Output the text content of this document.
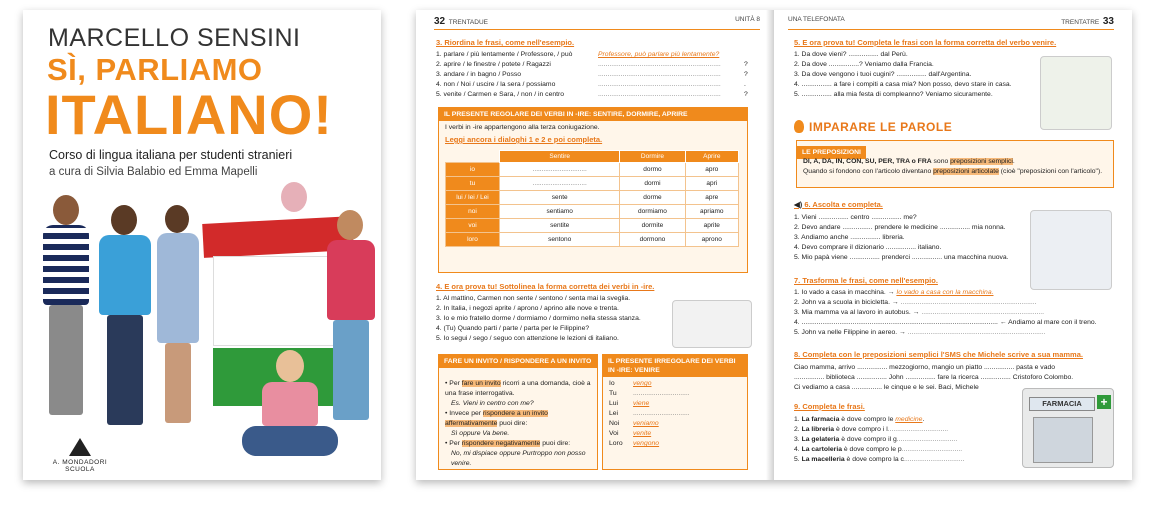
MARCELLO SENSINI
SÌ, PARLIAMO
ITALIANO!
Corso di lingua italiana per studenti stranieri
a cura di Silvia Balabio ed Emma Mapelli
A. MONDADORI SCUOLA
32 TRENTADUE	UNITÀ 8
3. Riordina le frasi, come nell'esempio.
1. parlare / più lentamente / Professore, / può	Professore, può parlare più lentamente?
2. aprire / le finestre / potete / Ragazzi	.................................................................	?
3. andare / in bagno / Posso	.................................................................	?
4. non / Noi / uscire / la sera / possiamo	.................................................................	.
5. venite / Carmen e Sara, / non / in centro	.................................................................	?
IL PRESENTE REGOLARE DEI VERBI IN -IRE: SENTIRE, DORMIRE, APRIRE
I verbi in -ire appartengono alla terza coniugazione.
Leggi ancora i dialoghi 1 e 2 e poi completa.
	Sentire	Dormire	Aprire
io	..............................	dormo	apro
tu	..............................	dormi	apri
lui / lei / Lei	sente	dorme	apre
noi	sentiamo	dormiamo	apriamo
voi	sentite	dormite	aprite
loro	sentono	dormono	aprono
4. E ora prova tu! Sottolinea la forma corretta dei verbi in -ire.
1. Al mattino, Carmen non sente / sentono / senta mai la sveglia.
2. In Italia, i negozi aprite / aprono / aprino alle nove e trenta.
3. Io e mio fratello dorme / dormiamo / dormimo nella stessa stanza.
4. (Tu) Quando parti / parte / parta per le Filippine?
5. Io segui / sego / seguo con attenzione le lezioni di italiano.
FARE UN INVITO / RISPONDERE A UN INVITO
• Per fare un invito ricorri a una domanda, cioè a una frase interrogativa.
Es. Vieni in centro con me?
• Invece per rispondere a un invito affermativamente puoi dire:
Sì oppure Va bene.
• Per rispondere negativamente puoi dire:
No, mi dispiace oppure Purtroppo non posso venire.
IL PRESENTE IRREGOLARE DEI VERBI IN -IRE: VENIRE
Io	vengo
Tu ..............................
Lui viene
Lei ..............................
Noi veniamo
Voi venite
Loro vengono
UNA TELEFONATA	TRENTATRE 33
5. E ora prova tu! Completa le frasi con la forma corretta del verbo venire.
1. Da dove vieni? ................ dal Perù.
2. Da dove ................? Veniamo dalla Francia.
3. Da dove vengono i tuoi cugini? ................ dall'Argentina.
4. ................ a fare i compiti a casa mia? Non posso, devo stare in casa.
5. ................ alla mia festa di compleanno? Veniamo sicuramente.
IMPARARE LE PAROLE
LE PREPOSIZIONI
DI, A, DA, IN, CON, SU, PER, TRA o FRA sono preposizioni semplici.
Quando si fondono con l'articolo diventano preposizioni articolate (cioè "preposizioni con l'articolo").
◀) 6. Ascolta e completa.
1. Vieni ................ centro ................ me?
2. Devo andare ................ prendere le medicine ................ mia nonna.
3. Andiamo anche ................ libreria.
4. Devo comprare il dizionario ................ italiano.
5. Mio papà viene ................ prenderci ................ una macchina nuova.
7. Trasforma le frasi, come nell'esempio.
1. Io vado a casa in macchina. → Io vado a casa con la macchina.
2. John va a scuola in bicicletta. → ........................................................................
3. Mia mamma va al lavoro in autobus. → .................................................................
4. ........................................................................................................ ← Andiamo al mare con il treno.
5. John va nelle Filippine in aereo. → .........................................................................
8. Completa con le preposizioni semplici l'SMS che Michele scrive a sua mamma.
Ciao mamma, arrivo ................ mezzogiorno, mangio un piatto ................ pasta e vado
................ biblioteca ................ John ................ fare la ricerca ................ Cristoforo Colombo.
Ci vediamo a casa ................ le cinque e le sei. Baci, Michele
9. Completa le frasi.
1. La farmacia è dove compro le medicine.
2. La libreria è dove compro i l................................
3. La gelateria è dove compro il g................................
4. La cartoleria è dove compro le p................................
5. La macelleria è dove compro la c................................
FARMACIA	+
